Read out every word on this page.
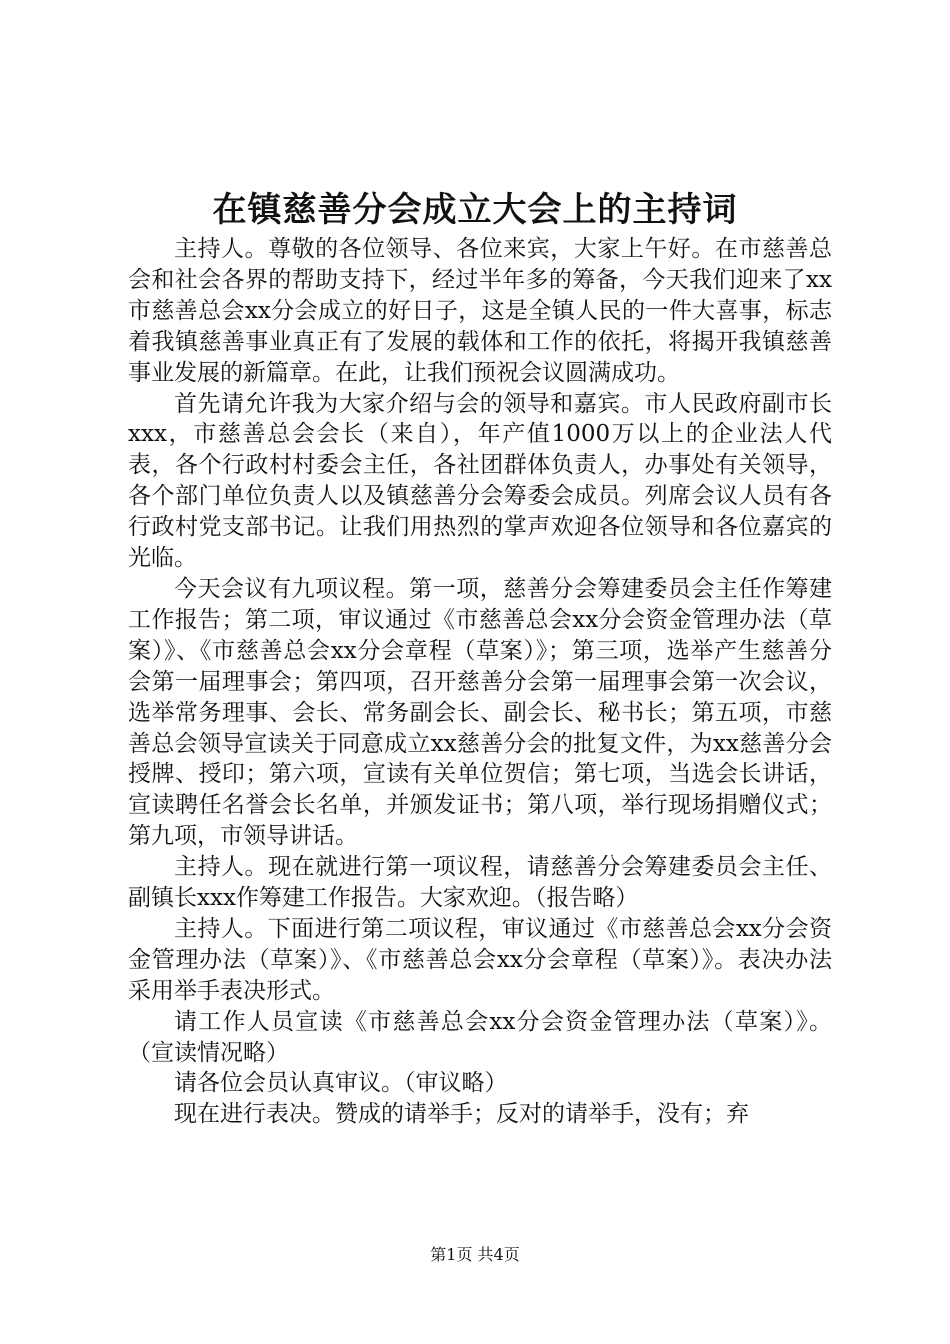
在镇慈善分会成立大会上的主持词

主持人。尊敬的各位领导、各位来宾，大家上午好。在市慈善总会和社会各界的帮助支持下，经过半年多的筹备，今天我们迎来了xx市慈善总会xx分会成立的好日子，这是全镇人民的一件大喜事，标志着我镇慈善事业真正有了发展的载体和工作的依托，将揭开我镇慈善事业发展的新篇章。在此，让我们预祝会议圆满成功。

首先请允许我为大家介绍与会的领导和嘉宾。市人民政府副市长xxx，市慈善总会会长（来自），年产值1000万以上的企业法人代表，各个行政村村委会主任，各社团群体负责人，办事处有关领导，各个部门单位负责人以及镇慈善分会筹委会成员。列席会议人员有各行政村党支部书记。让我们用热烈的掌声欢迎各位领导和各位嘉宾的光临。

今天会议有九项议程。第一项，慈善分会筹建委员会主任作筹建工作报告；第二项，审议通过《市慈善总会xx分会资金管理办法（草案）》、《市慈善总会xx分会章程（草案）》；第三项，选举产生慈善分会第一届理事会；第四项，召开慈善分会第一届理事会第一次会议，选举常务理事、会长、常务副会长、副会长、秘书长；第五项，市慈善总会领导宣读关于同意成立xx慈善分会的批复文件，为xx慈善分会授牌、授印；第六项，宣读有关单位贺信；第七项，当选会长讲话，宣读聘任名誉会长名单，并颁发证书；第八项，举行现场捐赠仪式；第九项，市领导讲话。

主持人。现在就进行第一项议程，请慈善分会筹建委员会主任、副镇长xxx作筹建工作报告。大家欢迎。（报告略）

主持人。下面进行第二项议程，审议通过《市慈善总会xx分会资金管理办法（草案）》、《市慈善总会xx分会章程（草案）》。表决办法采用举手表决形式。

请工作人员宣读《市慈善总会xx分会资金管理办法（草案）》。（宣读情况略）

请各位会员认真审议。（审议略）

现在进行表决。赞成的请举手；反对的请举手，没有；弃

第1页 共4页
